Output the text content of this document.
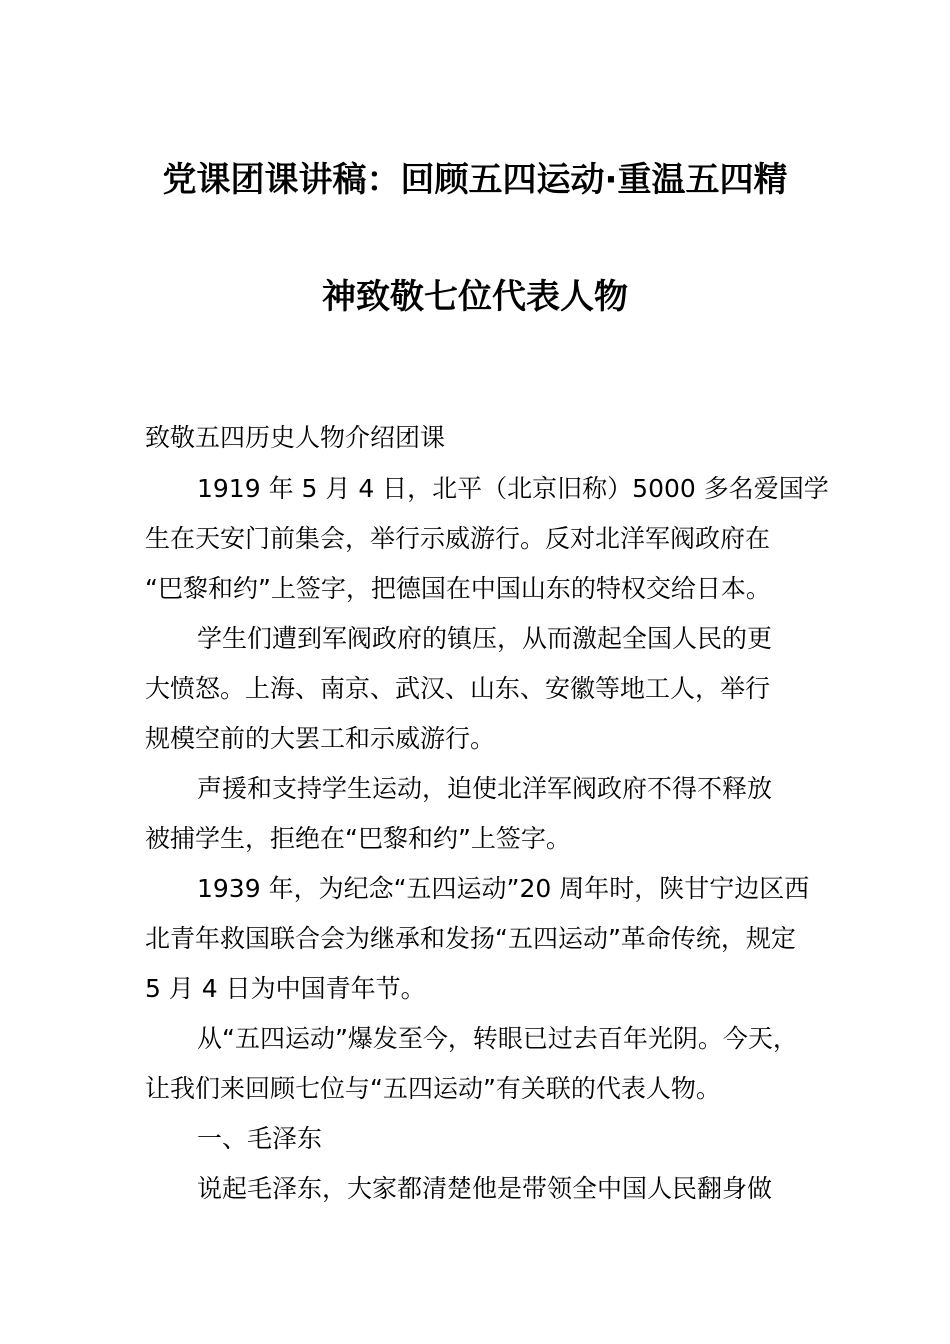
党课团课讲稿：回顾五四运动·重温五四精
神致敬七位代表人物
致敬五四历史人物介绍团课
1919 年 5 月 4 日，北平（北京旧称）5000 多名爱国学
生在天安门前集会，举行示威游行。反对北洋军阀政府在
“巴黎和约”上签字，把德国在中国山东的特权交给日本。
学生们遭到军阀政府的镇压，从而激起全国人民的更
大愤怒。上海、南京、武汉、山东、安徽等地工人，举行
规模空前的大罢工和示威游行。
声援和支持学生运动，迫使北洋军阀政府不得不释放
被捕学生，拒绝在“巴黎和约”上签字。
1939 年，为纪念“五四运动”20 周年时，陕甘宁边区西
北青年救国联合会为继承和发扬“五四运动”革命传统，规定
5 月 4 日为中国青年节。
从“五四运动”爆发至今，转眼已过去百年光阴。今天，
让我们来回顾七位与“五四运动”有关联的代表人物。
一、毛泽东
说起毛泽东，大家都清楚他是带领全中国人民翻身做
